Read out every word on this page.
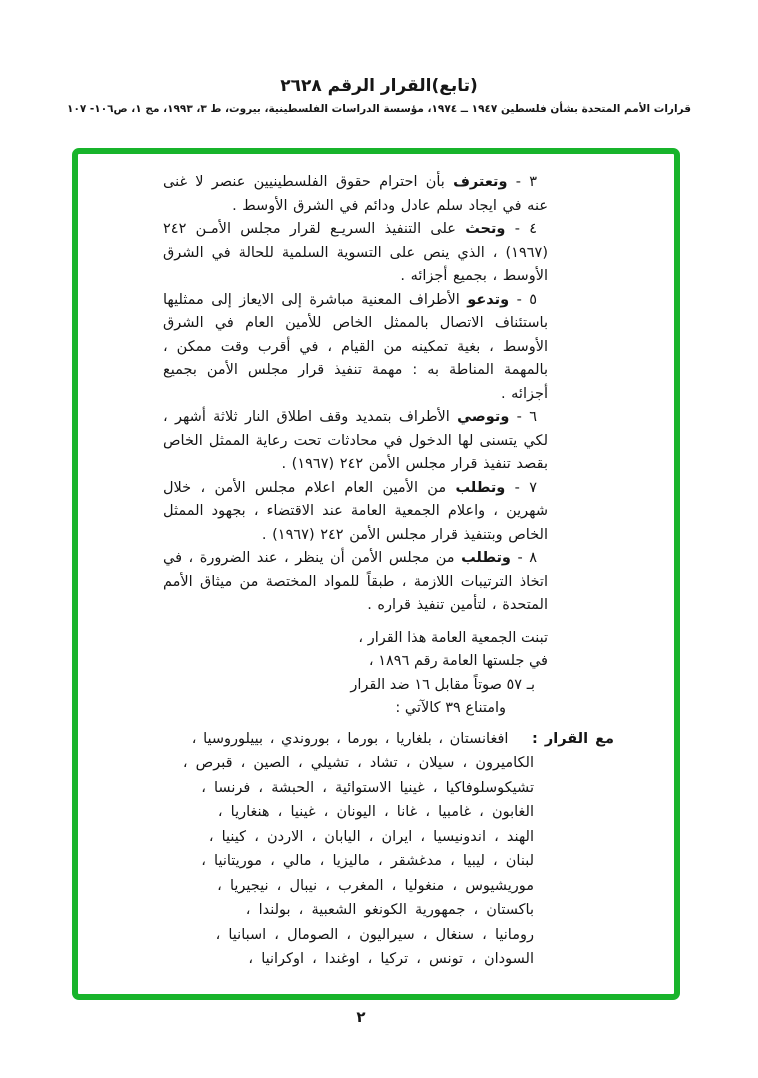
(تابع)القرار الرقم ٢٦٢٨
قرارات الأمم المتحدة بشأن فلسطين ١٩٤٧ ــ ١٩٧٤، مؤسسة الدراسات الفلسطينية، بيروت، ط ٣، ١٩٩٣، مج ١، ص١٠٦- ١٠٧

٣ - وتعترف بأن احترام حقوق الفلسطينيين عنصر لا غنى عنه في ايجاد سلم عادل ودائم في الشرق الأوسط .

٤ - وتحث على التنفيذ السريـع لقرار مجلس الأمـن ٢٤٢ (١٩٦٧) ، الذي ينص على التسوية السلمية للحالة في الشرق الأوسط ، بجميع أجزائه .

٥ - وتدعو الأطراف المعنية مباشرة إلى الايعاز إلى ممثليها باستئناف الاتصال بالممثل الخاص للأمين العام في الشرق الأوسط ، بغية تمكينه من القيام ، في أقرب وقت ممكن ، بالمهمة المناطة به : مهمة تنفيذ قرار مجلس الأمن بجميع أجزائه .

٦ - وتوصي الأطراف بتمديد وقف اطلاق النار ثلاثة أشهر ، لكي يتسنى لها الدخول في محادثات تحت رعاية الممثل الخاص بقصد تنفيذ قرار مجلس الأمن ٢٤٢ (١٩٦٧) .

٧ - وتطلب من الأمين العام اعلام مجلس الأمن ، خلال شهرين ، واعلام الجمعية العامة عند الاقتضاء ، بجهود الممثل الخاص وبتنفيذ قرار مجلس الأمن ٢٤٢ (١٩٦٧) .

٨ - وتطلب من مجلس الأمن أن ينظر ، عند الضرورة ، في اتخاذ الترتيبات اللازمة ، طبقاً للمواد المختصة من ميثاق الأمم المتحدة ، لتأمين تنفيذ قراره .

تبنت الجمعية العامة هذا القرار ،
في جلستها العامة رقم ١٨٩٦ ،
بـ ٥٧ صوتاً مقابل ١٦ ضد القرار
وامتناع ٣٩ كالآتي :
مع القرار : افغانستان ، بلغاريا ، بورما ، بوروندي ، بييلوروسيا ،
الكاميرون ، سيلان ، تشاد ، تشيلي ، الصين ، قبرص ،
تشيكوسلوفاكيا ، غينيا الاستوائية ، الحبشة ، فرنسا ،
الغابون ، غامبيا ، غانا ، اليونان ، غينيا ، هنغاريا ،
الهند ، اندونيسيا ، ايران ، اليابان ، الاردن ، كينيا ،
لبنان ، ليبيا ، مدغشقر ، ماليزيا ، مالي ، موريتانيا ،
موريشيوس ، منغوليا ، المغرب ، نيبال ، نيجيريا ،
باكستان ، جمهورية الكونغو الشعبية ، بولندا ،
رومانيا ، سنغال ، سيراليون ، الصومال ، اسبانيا ،
السودان ، تونس ، تركيا ، اوغندا ، اوكرانيا ،
٢
